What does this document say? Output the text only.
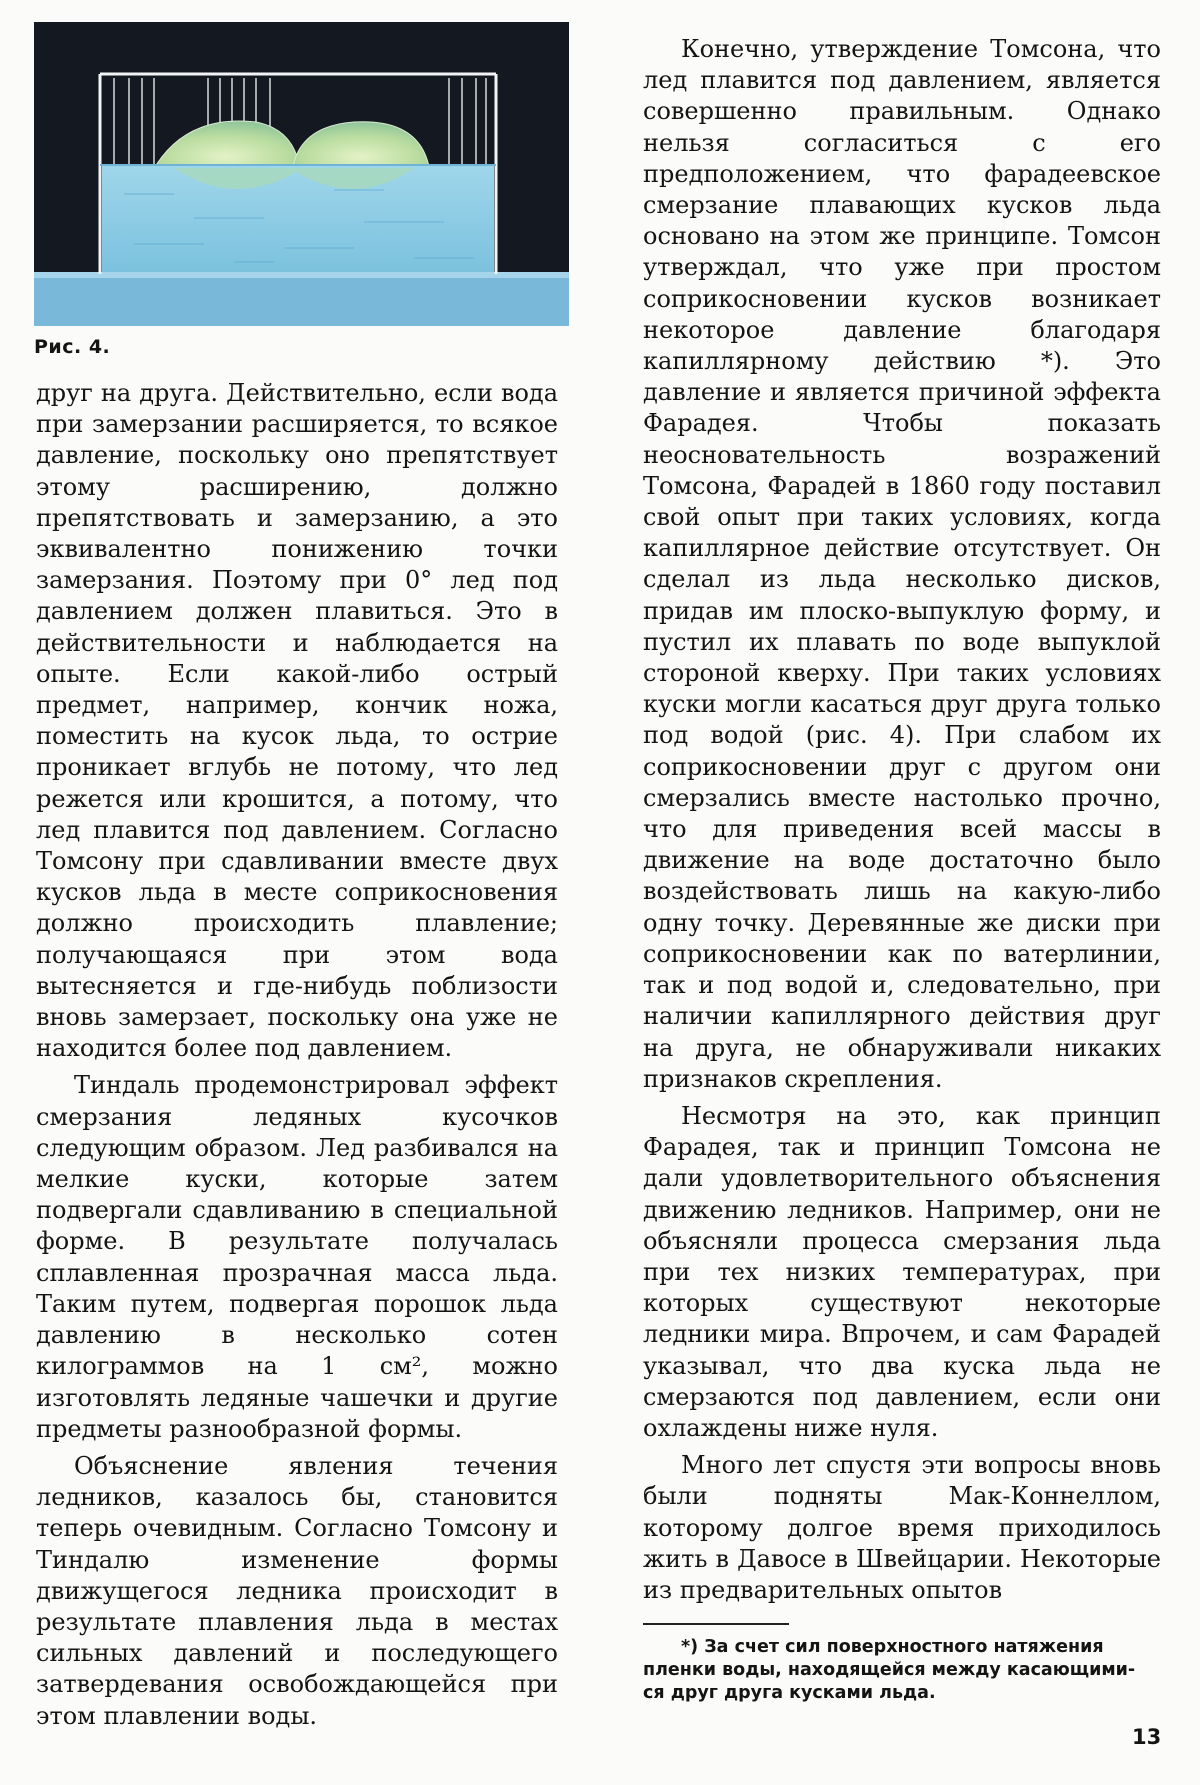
Рис. 4.

друг на друга. Действительно, если вода при замерзании расширяется, то всякое давление, поскольку оно препятствует этому расширению, должно препятствовать и замерзанию, а это эквивалентно понижению точки замерзания. Поэтому при 0° лед под давлением должен плавиться. Это в действительности и наблюдается на опыте. Если какой-либо острый предмет, например, кончик ножа, поместить на кусок льда, то острие проникает вглубь не потому, что лед режется или крошится, а потому, что лед плавится под давлением. Согласно Томсону при сдавливании вместе двух кусков льда в месте соприкосновения должно происходить плавление; получающаяся при этом вода вытесняется и где-нибудь поблизости вновь замерзает, поскольку она уже не находится более под давлением.

Тиндаль продемонстрировал эффект смерзания ледяных кусочков следующим образом. Лед разбивался на мелкие куски, которые затем подвергали сдавливанию в специальной форме. В результате получалась сплавленная прозрачная масса льда. Таким путем, подвергая порошок льда давлению в несколько сотен килограммов на 1 см², можно изготовлять ледяные чашечки и другие предметы разнообразной формы.

Объяснение явления течения ледников, казалось бы, становится теперь очевидным. Согласно Томсону и Тиндалю изменение формы движущегося ледника происходит в результате плавления льда в местах сильных давлений и последующего затвердевания освобождающейся при этом плавлении воды.

Конечно, утверждение Томсона, что лед плавится под давлением, является совершенно правильным. Однако нельзя согласиться с его предположением, что фарадеевское смерзание плавающих кусков льда основано на этом же принципе. Томсон утверждал, что уже при простом соприкосновении кусков возникает некоторое давление благодаря капиллярному действию *). Это давление и является причиной эффекта Фарадея. Чтобы показать неосновательность возражений Томсона, Фарадей в 1860 году поставил свой опыт при таких условиях, когда капиллярное действие отсутствует. Он сделал из льда несколько дисков, придав им плоско-выпуклую форму, и пустил их плавать по воде выпуклой стороной кверху. При таких условиях куски могли касаться друг друга только под водой (рис. 4). При слабом их соприкосновении друг с другом они смерзались вместе настолько прочно, что для приведения всей массы в движение на воде достаточно было воздействовать лишь на какую-либо одну точку. Деревянные же диски при соприкосновении как по ватерлинии, так и под водой и, следовательно, при наличии капиллярного действия друг на друга, не обнаруживали никаких признаков скрепления.

Несмотря на это, как принцип Фарадея, так и принцип Томсона не дали удовлетворительного объяснения движению ледников. Например, они не объясняли процесса смерзания льда при тех низких температурах, при которых существуют некоторые ледники мира. Впрочем, и сам Фарадей указывал, что два куска льда не смерзаются под давлением, если они охлаждены ниже нуля.

Много лет спустя эти вопросы вновь были подняты Мак-Коннеллом, которому долгое время приходилось жить в Давосе в Швейцарии. Некоторые из предварительных опытов

*) За счет сил поверхностного натяжения
пленки воды, находящейся между касающими-
ся друг друга кусками льда.
13
